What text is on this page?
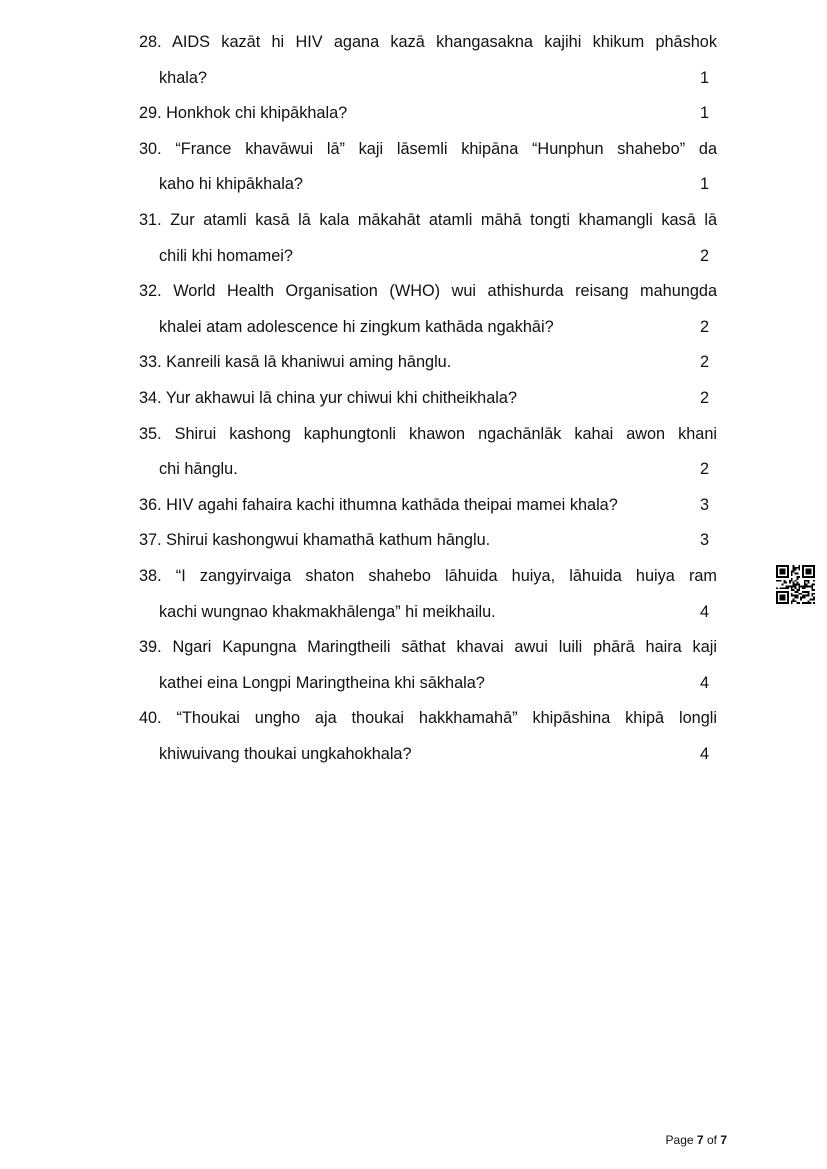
28. AIDS kazāt hi HIV agana kazā khangasakna kajihi khikum phāshok
khala?	1
29. Honkhok chi khipākhala?	1
30. “France khavāwui lā” kaji lāsemli khipāna “Hunphun shahebo” da
kaho hi khipākhala?	1
31. Zur atamli kasā lā kala mākahāt atamli māhā tongti khamangli kasā lā
chili khi homamei?	2
32. World Health Organisation (WHO) wui athishurda reisang mahungda
khalei atam adolescence hi zingkum kathāda ngakhāi?	2
33. Kanreili kasā lā khaniwui aming hānglu.	2
34. Yur akhawui lā china yur chiwui khi chitheikhala?	2
35. Shirui kashong kaphungtonli khawon ngachānlāk kahai awon khani
chi hānglu.	2
36. HIV agahi fahaira kachi ithumna kathāda theipai mamei khala?	3
37. Shirui kashongwui khamathā kathum hānglu.	3
38. “I zangyirvaiga shaton shahebo lāhuida huiya, lāhuida huiya ram
kachi wungnao khakmakhālenga” hi meikhailu.	4
39. Ngari Kapungna Maringtheili sāthat khavai awui luili phārā haira kaji
kathei eina Longpi Maringtheina khi sākhala?	4
40. “Thoukai ungho aja thoukai hakkhamahā” khipāshina khipā longli
khiwuivang thoukai ungkahokhala?	4
Page 7 of 7
